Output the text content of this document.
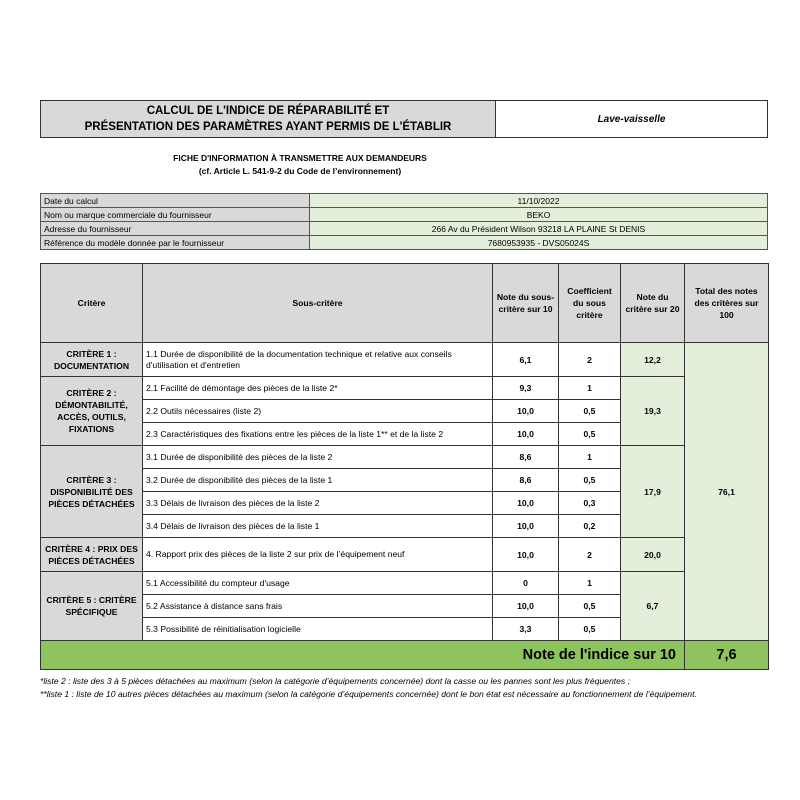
CALCUL DE L'INDICE DE RÉPARABILITÉ ET
PRÉSENTATION DES PARAMÈTRES AYANT PERMIS DE L'ÉTABLIR
Lave-vaisselle
FICHE D'INFORMATION À TRANSMETTRE AUX DEMANDEURS
(cf. Article L. 541-9-2 du Code de l’environnement)
Date du calcul	11/10/2022
Nom ou marque commerciale du fournisseur	BEKO
Adresse du fournisseur	266 Av du Président Wilson 93218 LA PLAINE St DENIS
Référence du modèle donnée par le fournisseur	7680953935 - DVS05024S
Critère	Sous-critère	Note du sous-critère sur 10	Coefficient du sous critère	Note du critère sur 20	Total des notes des critères sur 100
CRITÈRE 1 : DOCUMENTATION	1.1 Durée de disponibilité de la documentation technique et relative aux conseils d'utilisation et d'entretien	6,1	2	12,2	76,1
CRITÈRE 2 : DÉMONTABILITÉ, ACCÈS, OUTILS, FIXATIONS	2.1 Facilité de démontage des pièces de la liste 2*	9,3	1	19,3	
	2.2 Outils nécessaires (liste 2)	10,0	0,5		
	2.3 Caractéristiques des fixations entre les pièces de la liste 1** et de la liste 2	10,0	0,5		
CRITÈRE 3 : DISPONIBILITÉ DES PIÈCES DÉTACHÉES	3.1 Durée de disponibilité des pièces de la liste 2	8,6	1	17,9	
	3.2 Durée de disponibilité des pièces de la liste 1	8,6	0,5		
	3.3 Délais de livraison des pièces de la liste 2	10,0	0,3		
	3.4 Délais de livraison des pièces de la liste 1	10,0	0,2		
CRITÈRE 4 : PRIX DES PIÈCES DÉTACHÉES	4. Rapport prix des pièces de la liste 2 sur prix de l’équipement neuf	10,0	2	20,0	
CRITÈRE 5 : CRITÈRE SPÉCIFIQUE	5.1 Accessibilité du compteur d'usage	0	1	6,7	
	5.2 Assistance à distance sans frais	10,0	0,5		
	5.3 Possibilité de réinitialisation logicielle	3,3	0,5		
Note de l'indice sur 10					7,6

*liste 2 : liste des 3 à 5 pièces détachées au maximum (selon la catégorie d’équipements concernée) dont la casse ou les pannes sont les plus fréquentes ;

**liste 1 : liste de 10 autres pièces détachées au maximum (selon la catégorie d’équipements concernée) dont le bon état est nécessaire au fonctionnement de l’équipement.
